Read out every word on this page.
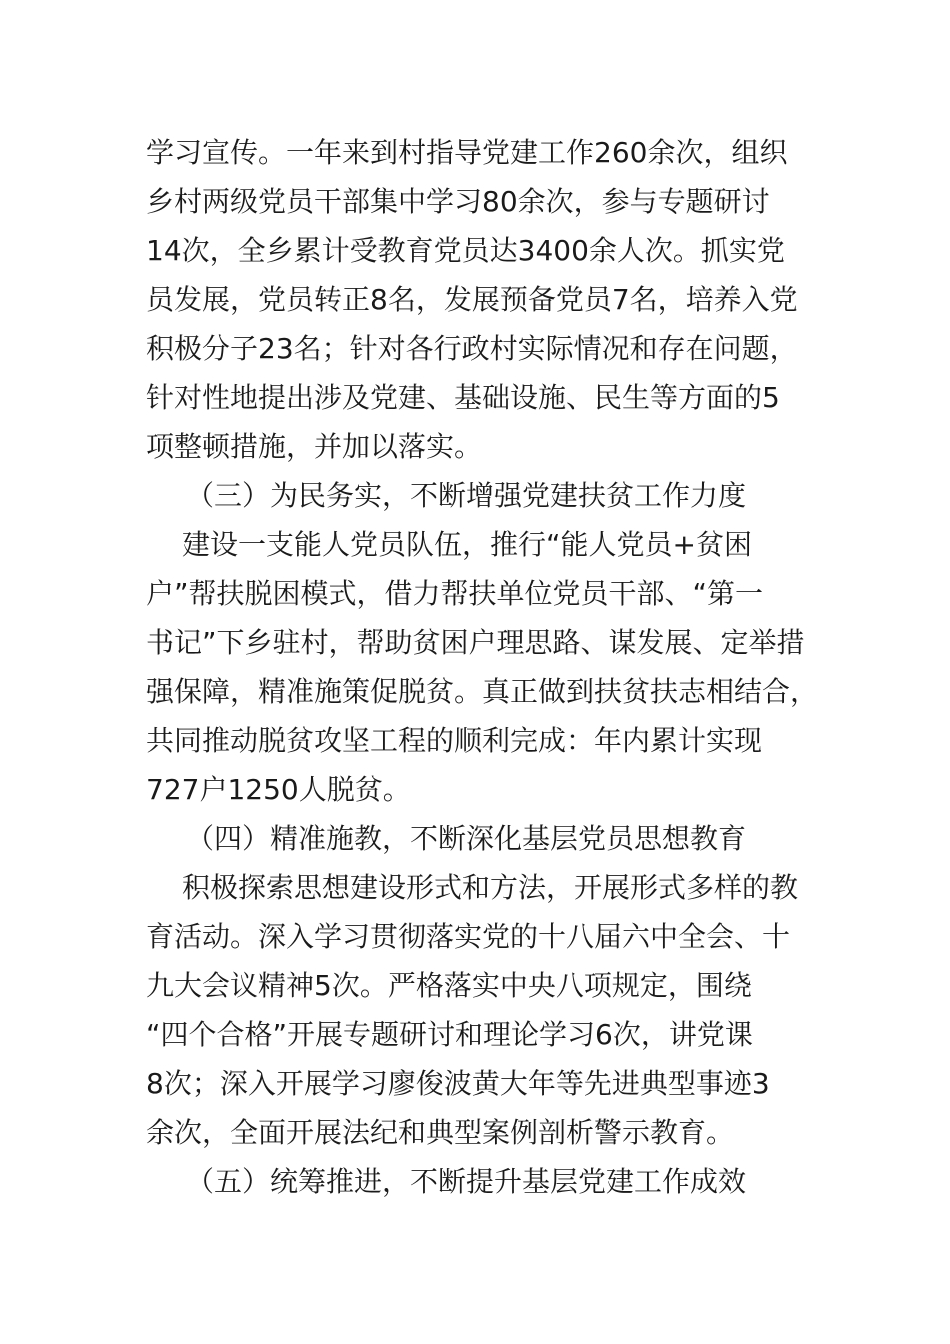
学习宣传。一年来到村指导党建工作260余次，组织
乡村两级党员干部集中学习80余次，参与专题研讨
14次，全乡累计受教育党员达3400余人次。抓实党
员发展，党员转正8名，发展预备党员7名，培养入党
积极分子23名；针对各行政村实际情况和存在问题，
针对性地提出涉及党建、基础设施、民生等方面的5
项整顿措施，并加以落实。
（三）为民务实，不断增强党建扶贫工作力度
建设一支能人党员队伍，推行“能人党员+贫困
户”帮扶脱困模式，借力帮扶单位党员干部、“第一
书记”下乡驻村，帮助贫困户理思路、谋发展、定举措
强保障，精准施策促脱贫。真正做到扶贫扶志相结合，
共同推动脱贫攻坚工程的顺利完成：年内累计实现
727户1250人脱贫。
（四）精准施教，不断深化基层党员思想教育
积极探索思想建设形式和方法，开展形式多样的教
育活动。深入学习贯彻落实党的十八届六中全会、十
九大会议精神5次。严格落实中央八项规定，围绕
“四个合格”开展专题研讨和理论学习6次，讲党课
8次；深入开展学习廖俊波黄大年等先进典型事迹3
余次，全面开展法纪和典型案例剖析警示教育。
（五）统筹推进，不断提升基层党建工作成效
